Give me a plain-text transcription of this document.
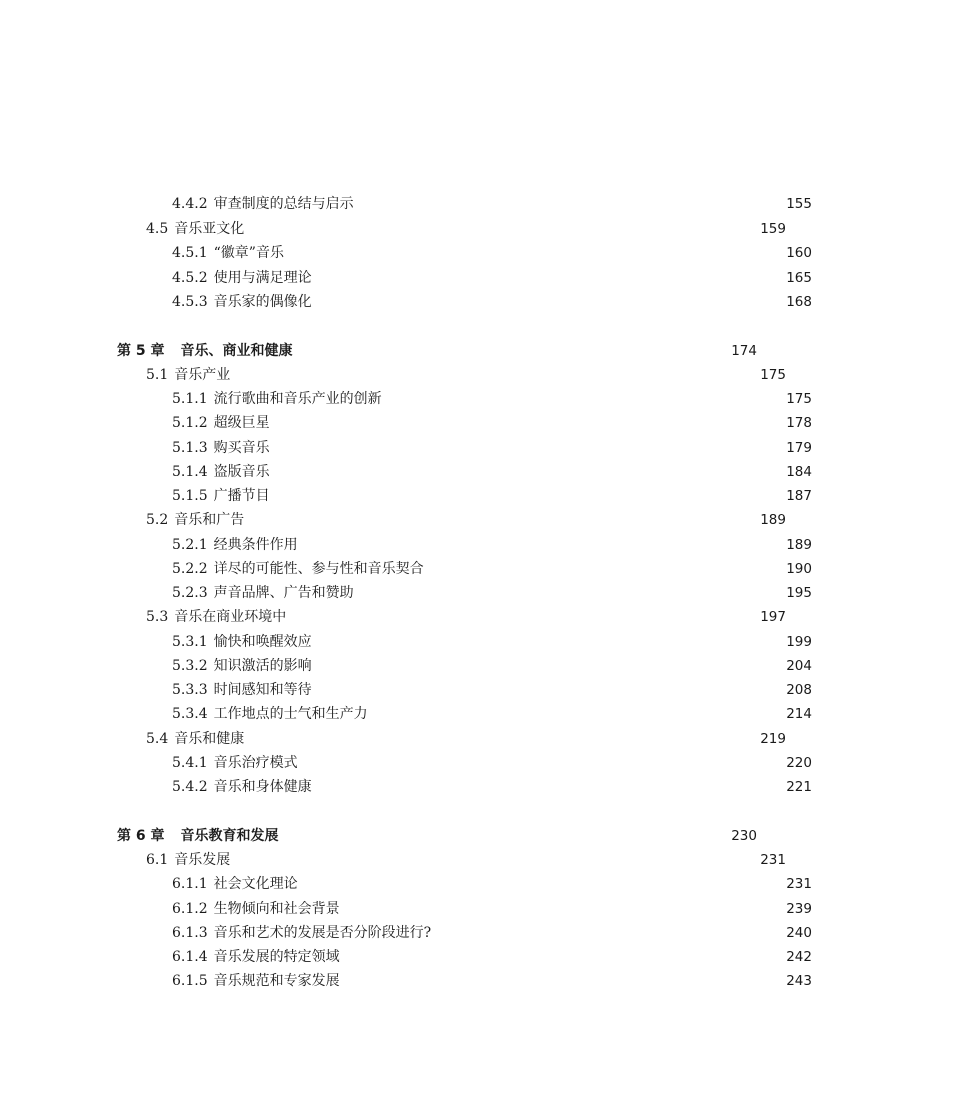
4.4.2 审查制度的总结与启示	155
4.5 音乐亚文化	159
4.5.1 “徽章”音乐	160
4.5.2 使用与满足理论	165
4.5.3 音乐家的偶像化	168
第 5 章 音乐、商业和健康	174
5.1 音乐产业	175
5.1.1 流行歌曲和音乐产业的创新	175
5.1.2 超级巨星	178
5.1.3 购买音乐	179
5.1.4 盗版音乐	184
5.1.5 广播节目	187
5.2 音乐和广告	189
5.2.1 经典条件作用	189
5.2.2 详尽的可能性、参与性和音乐契合	190
5.2.3 声音品牌、广告和赞助	195
5.3 音乐在商业环境中	197
5.3.1 愉快和唤醒效应	199
5.3.2 知识激活的影响	204
5.3.3 时间感知和等待	208
5.3.4 工作地点的士气和生产力	214
5.4 音乐和健康	219
5.4.1 音乐治疗模式	220
5.4.2 音乐和身体健康	221
第 6 章 音乐教育和发展	230
6.1 音乐发展	231
6.1.1 社会文化理论	231
6.1.2 生物倾向和社会背景	239
6.1.3 音乐和艺术的发展是否分阶段进行?	240
6.1.4 音乐发展的特定领域	242
6.1.5 音乐规范和专家发展	243
